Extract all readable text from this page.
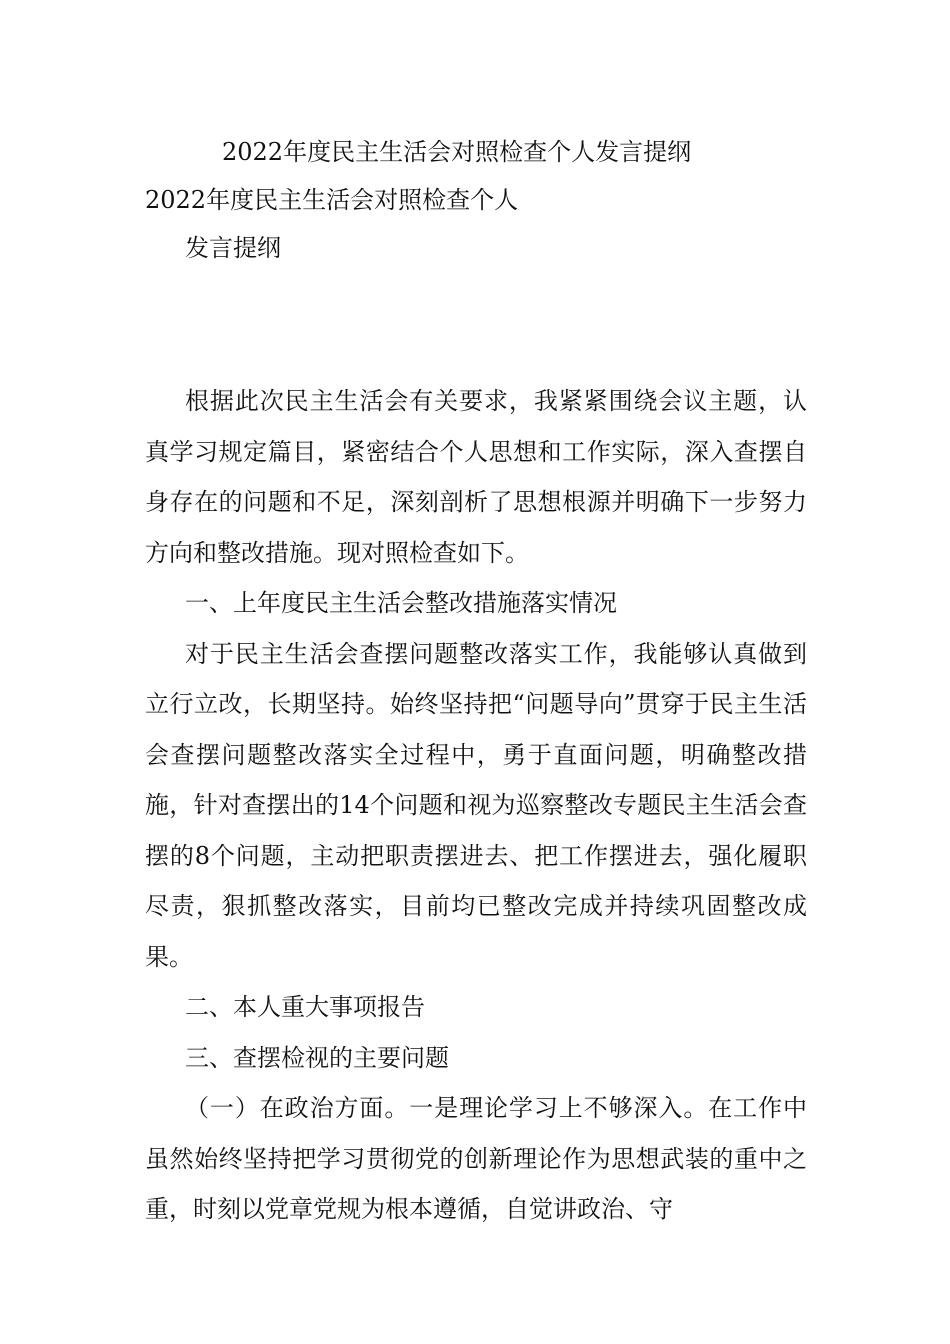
2022年度民主生活会对照检查个人发言提纲
2022年度民主生活会对照检查个人
发言提纲

根据此次民主生活会有关要求，我紧紧围绕会议主题，认真学习规定篇目，紧密结合个人思想和工作实际，深入查摆自身存在的问题和不足，深刻剖析了思想根源并明确下一步努力方向和整改措施。现对照检查如下。

一、上年度民主生活会整改措施落实情况

对于民主生活会查摆问题整改落实工作，我能够认真做到立行立改，长期坚持。始终坚持把“问题导向”贯穿于民主生活会查摆问题整改落实全过程中，勇于直面问题，明确整改措施，针对查摆出的14个问题和视为巡察整改专题民主生活会查摆的8个问题，主动把职责摆进去、把工作摆进去，强化履职尽责，狠抓整改落实，目前均已整改完成并持续巩固整改成果。

二、本人重大事项报告

三、查摆检视的主要问题

（一）在政治方面。一是理论学习上不够深入。在工作中虽然始终坚持把学习贯彻党的创新理论作为思想武装的重中之重，时刻以党章党规为根本遵循，自觉讲政治、守
